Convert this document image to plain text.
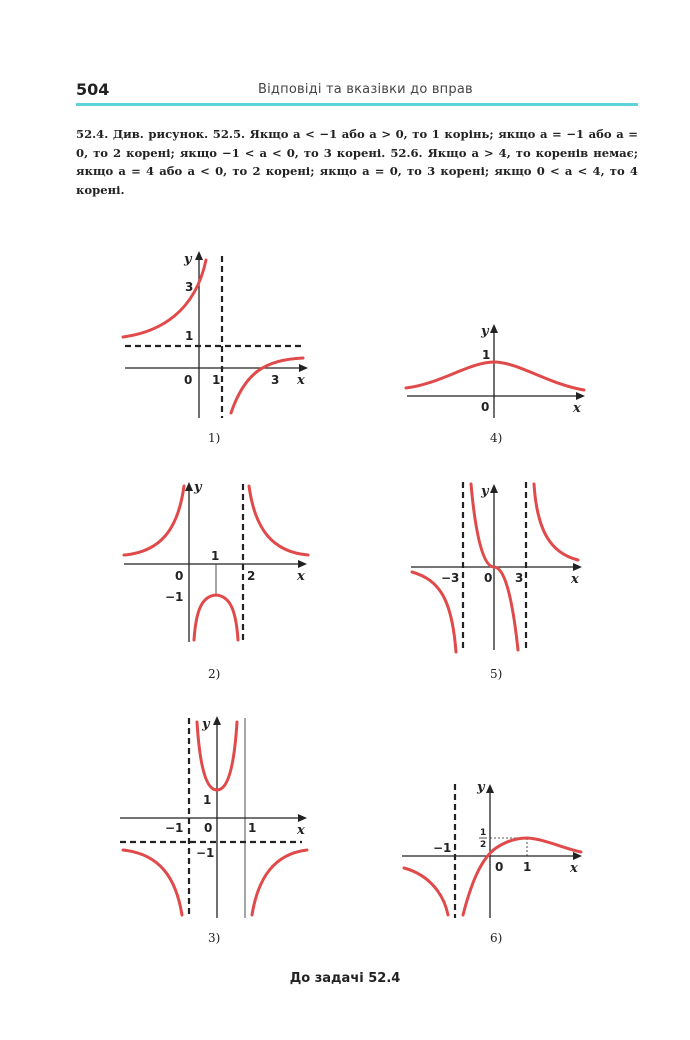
504	Відповіді та вказівки до вправ
52.4. Див. рисунок. 52.5. Якщо a < −1 або a > 0, то 1 корінь; якщо a = −1 або a = 0, то 2 корені; якщо −1 < a < 0, то 3 корені. 52.6. Якщо a > 4, то коренів немає; якщо a = 4 або a < 0, то 2 корені; якщо a = 0, то 3 корені; якщо 0 < a < 4, то 4 корені.
y
x
3
1
0 1	3
1)
y
x
1
0
4)
y
x
0
1
2
−1
2)
y
x
−3 0 3
5)
y
x
1
−1 0	1
−1
3)
y
x
1
2
−1
0 1
6)
До задачі 52.4
